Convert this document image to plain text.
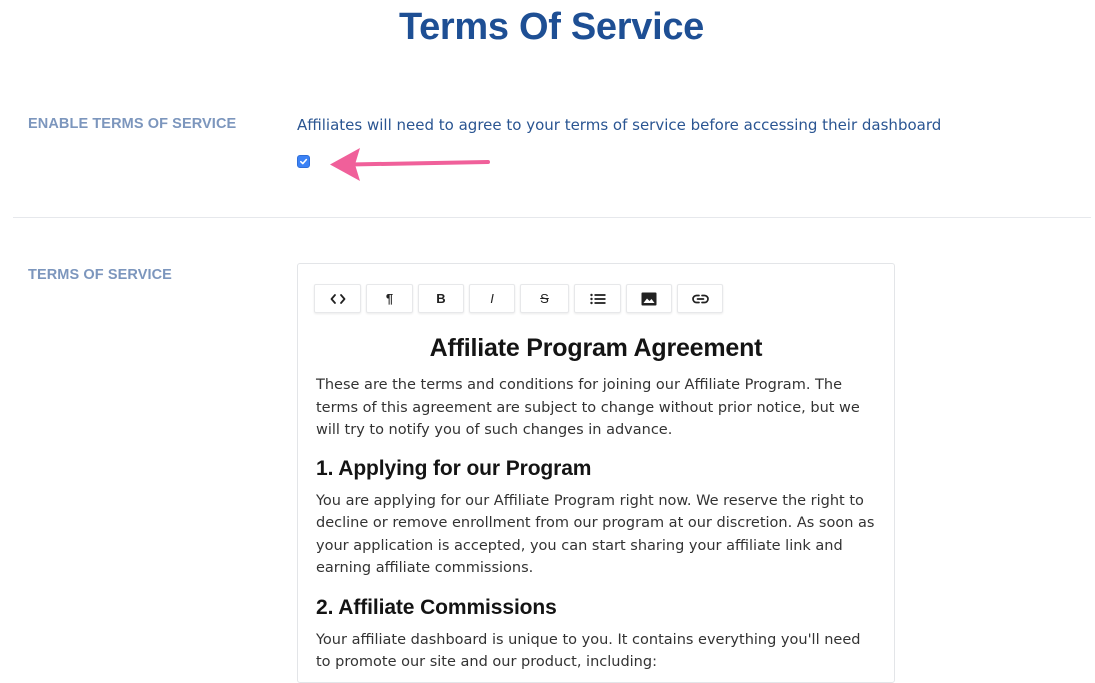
Terms Of Service
ENABLE TERMS OF SERVICE	Affiliates will need to agree to your terms of service before accessing their dashboard
TERMS OF SERVICE
¶	B	I	S
Affiliate Program Agreement

These are the terms and conditions for joining our Affiliate Program. The terms of this agreement are subject to change without prior notice, but we will try to notify you of such changes in advance.

1. Applying for our Program

You are applying for our Affiliate Program right now. We reserve the right to decline or remove enrollment from our program at our discretion. As soon as your application is accepted, you can start sharing your affiliate link and earning affiliate commissions.

2. Affiliate Commissions

Your affiliate dashboard is unique to you. It contains everything you'll need to promote our site and our product, including:
